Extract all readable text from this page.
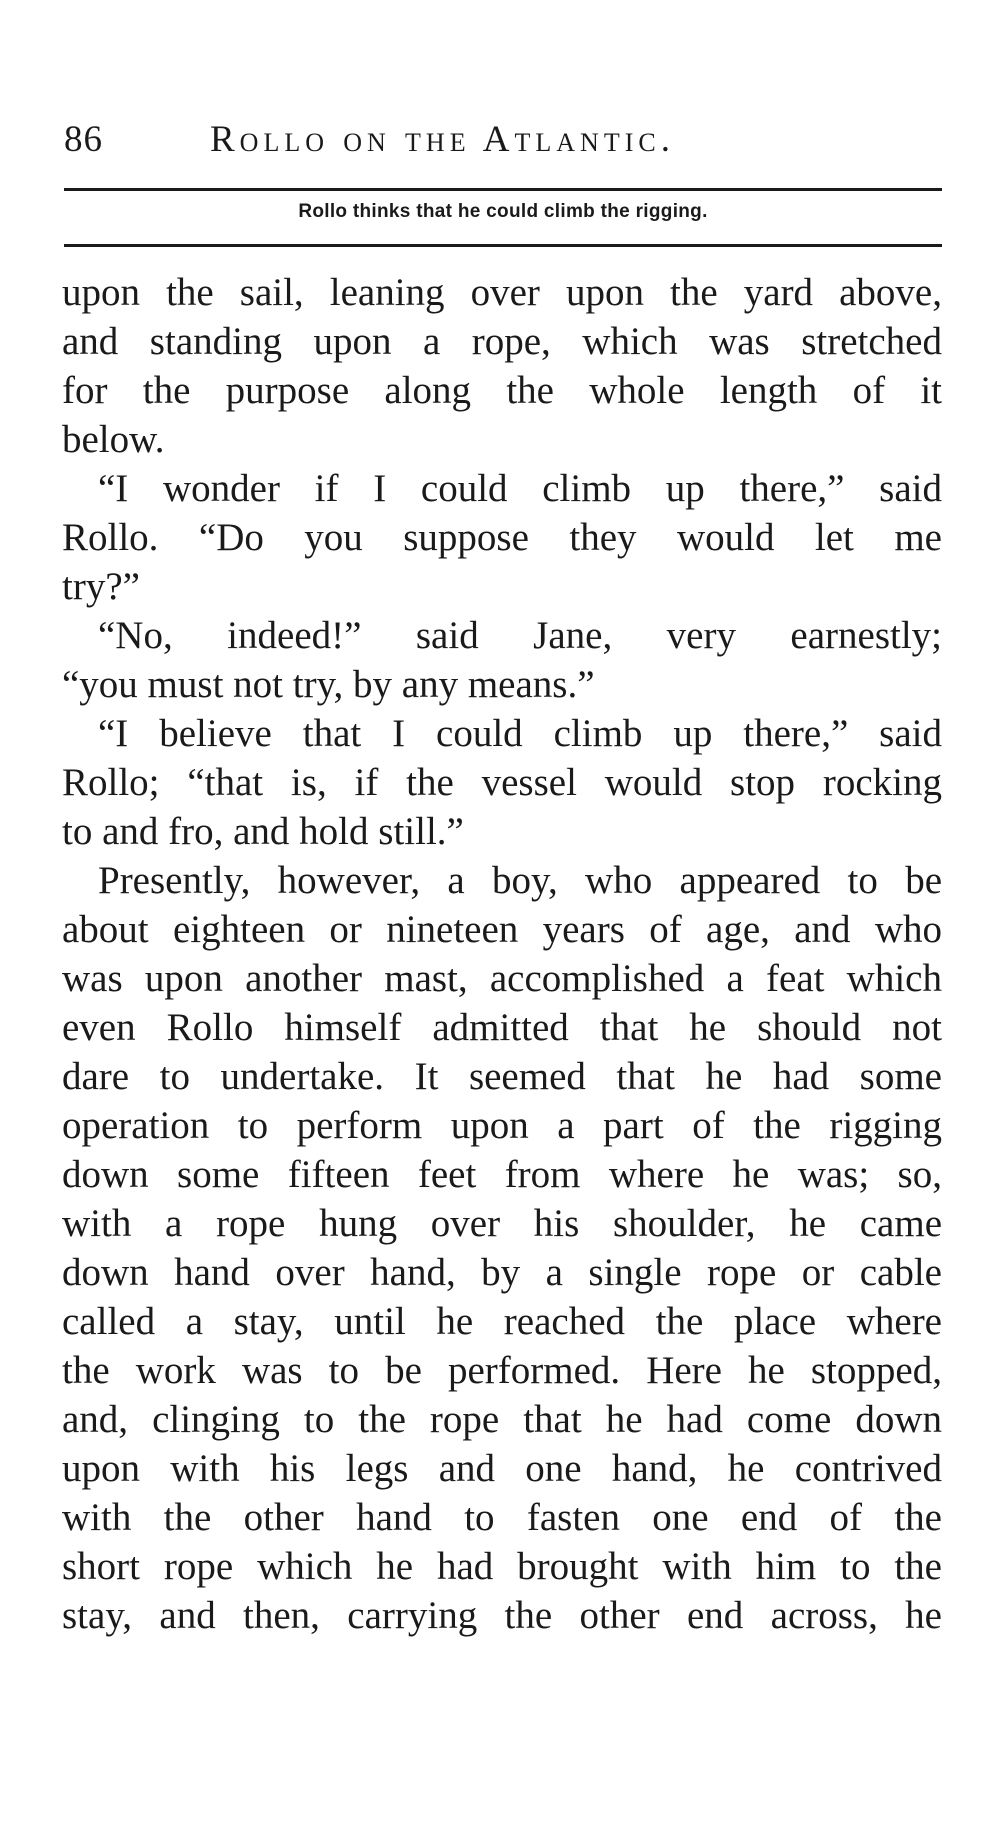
86	Rollo on the Atlantic.
Rollo thinks that he could climb the rigging.
upon the sail, leaning over upon the yard above,
and standing upon a rope, which was stretched
for the purpose along the whole length of it
below.
“I wonder if I could climb up there,” said
Rollo. “Do you suppose they would let me
try?”
“No, indeed!” said Jane, very earnestly;
“you must not try, by any means.”
“I believe that I could climb up there,” said
Rollo; “that is, if the vessel would stop rocking
to and fro, and hold still.”
Presently, however, a boy, who appeared to be
about eighteen or nineteen years of age, and who
was upon another mast, accomplished a feat which
even Rollo himself admitted that he should not
dare to undertake. It seemed that he had some
operation to perform upon a part of the rigging
down some fifteen feet from where he was; so,
with a rope hung over his shoulder, he came
down hand over hand, by a single rope or cable
called a stay, until he reached the place where
the work was to be performed. Here he stopped,
and, clinging to the rope that he had come down
upon with his legs and one hand, he contrived
with the other hand to fasten one end of the
short rope which he had brought with him to the
stay, and then, carrying the other end across, he
